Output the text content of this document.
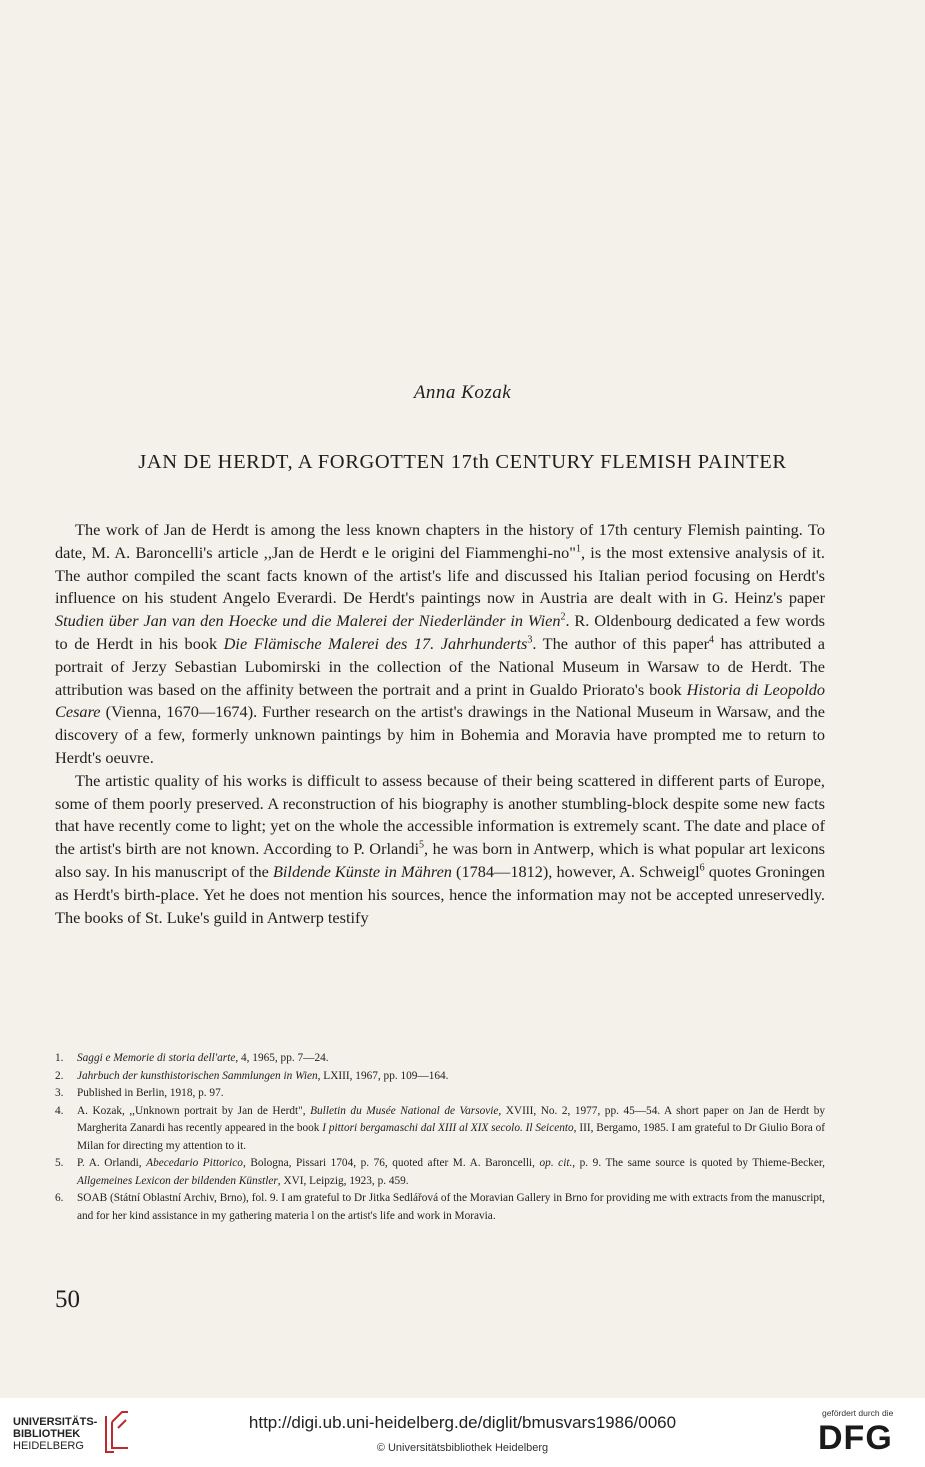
Anna Kozak
JAN DE HERDT, A FORGOTTEN 17th CENTURY FLEMISH PAINTER

The work of Jan de Herdt is among the less known chapters in the history of 17th century Flemish painting. To date, M. A. Baroncelli's article ,,Jan de Herdt e le origini del Fiammenghi-no"$^1$, is the most extensive analysis of it. The author compiled the scant facts known of the artist's life and discussed his Italian period focusing on Herdt's influence on his student Angelo Everardi. De Herdt's paintings now in Austria are dealt with in G. Heinz's paper Studien über Jan van den Hoecke und die Malerei der Niederländer in Wien$^2$. R. Oldenbourg dedicated a few words to de Herdt in his book Die Flämische Malerei des 17. Jahrhunderts$^3$. The author of this paper$^4$ has attributed a portrait of Jerzy Sebastian Lubomirski in the collection of the National Museum in Warsaw to de Herdt. The attribution was based on the affinity between the portrait and a print in Gualdo Priorato's book Historia di Leopoldo Cesare (Vienna, 1670—1674). Further research on the artist's drawings in the National Museum in Warsaw, and the discovery of a few, formerly unknown paintings by him in Bohemia and Moravia have prompted me to return to Herdt's oeuvre.

The artistic quality of his works is difficult to assess because of their being scattered in different parts of Europe, some of them poorly preserved. A reconstruction of his biography is another stumbling-block despite some new facts that have recently come to light; yet on the whole the accessible information is extremely scant. The date and place of the artist's birth are not known. According to P. Orlandi$^5$, he was born in Antwerp, which is what popular art lexicons also say. In his manuscript of the Bildende Künste in Mähren (1784—1812), however, A. Schweigl$^6$ quotes Groningen as Herdt's birth-place. Yet he does not mention his sources, hence the information may not be accepted unreservedly. The books of St. Luke's guild in Antwerp testify

1.	Saggi e Memorie di storia dell'arte, 4, 1965, pp. 7—24.
2.	Jahrbuch der kunsthistorischen Sammlungen in Wien, LXIII, 1967, pp. 109—164.
3.	Published in Berlin, 1918, p. 97.
4.	A. Kozak, ,,Unknown portrait by Jan de Herdt", Bulletin du Musée National de Varsovie, XVIII, No. 2, 1977, pp. 45—54. A short paper on Jan de Herdt by Margherita Zanardi has recently appeared in the book I pittori bergamaschi dal XIII al XIX secolo. Il Seicento, III, Bergamo, 1985. I am grateful to Dr Giulio Bora of Milan for directing my attention to it.
5.	P. A. Orlandi, Abecedario Pittorico, Bologna, Pissari 1704, p. 76, quoted after M. A. Baroncelli, op. cit., p. 9. The same source is quoted by Thieme-Becker, Allgemeines Lexicon der bildenden Künstler, XVI, Leipzig, 1923, p. 459.
6.	SOAB (Státní Oblastní Archiv, Brno), fol. 9. I am grateful to Dr Jitka Sedlářová of the Moravian Gallery in Brno for providing me with extracts from the manuscript, and for her kind assistance in my gathering materia l on the artist's life and work in Moravia.
50
UNIVERSITÄTS-
BIBLIOTHEK
HEIDELBERG
http://digi.ub.uni-heidelberg.de/diglit/bmusvars1986/0060
© Universitätsbibliothek Heidelberg
gefördert durch die
DFG
